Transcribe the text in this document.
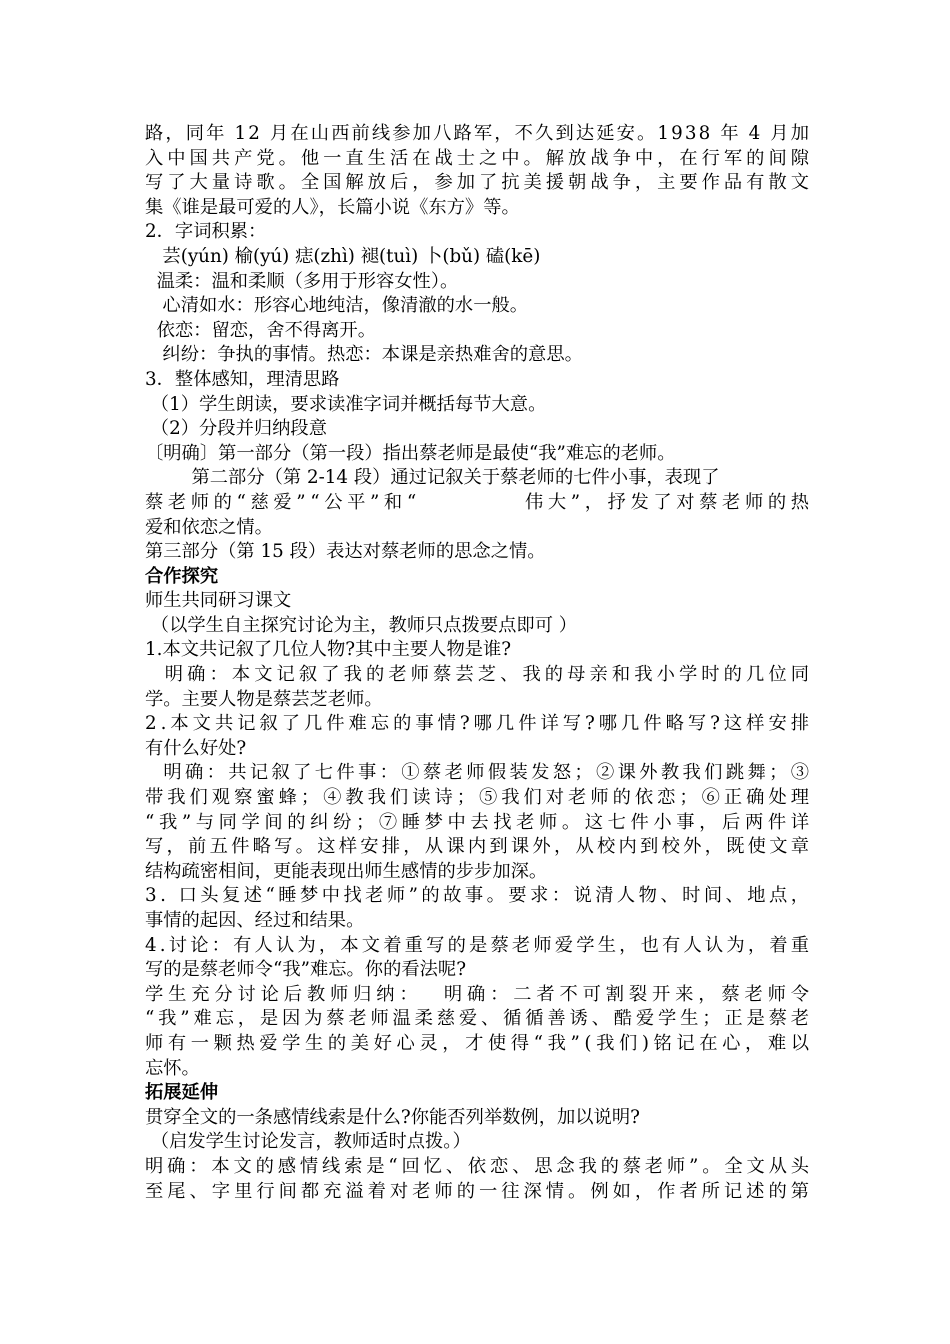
路，同年 12 月在山西前线参加八路军，不久到达延安。1938 年 4 月加
入中国共产党。他一直生活在战士之中。解放战争中，在行军的间隙
写了大量诗歌。全国解放后，参加了抗美援朝战争，主要作品有散文
集《谁是最可爱的人》，长篇小说《东方》等。
2．字词积累：
芸(yún) 榆(yú) 痣(zhì) 褪(tuì) 卜(bǔ) 磕(kē)
温柔：温和柔顺（多用于形容女性）。
心清如水：形容心地纯洁，像清澈的水一般。
依恋：留恋，舍不得离开。
纠纷：争执的事情。热恋：本课是亲热难舍的意思。
3．整体感知，理清思路
（1）学生朗读，要求读准字词并概括每节大意。
（2）分段并归纳段意
〔明确〕第一部分（第一段）指出蔡老师是最使“我”难忘的老师。
第二部分（第 2-14 段）通过记叙关于蔡老师的七件小事，表现了
蔡老师的“慈爱”“公平”和“          伟大”，抒发了对蔡老师的热
爱和依恋之情。
第三部分（第 15 段）表达对蔡老师的思念之情。
合作探究
师生共同研习课文
（以学生自主探究讨论为主，教师只点拨要点即可 ）
1.本文共记叙了几位人物?其中主要人物是谁?
明确：本文记叙了我的老师蔡芸芝、我的母亲和我小学时的几位同
学。主要人物是蔡芸芝老师。
2.本文共记叙了几件难忘的事情?哪几件详写?哪几件略写?这样安排
有什么好处?
明确：共记叙了七件事：①蔡老师假装发怒；②课外教我们跳舞；③
带我们观察蜜蜂；④教我们读诗；⑤我们对老师的依恋；⑥正确处理
“我”与同学间的纠纷；⑦睡梦中去找老师。这七件小事，后两件详
写，前五件略写。这样安排，从课内到课外，从校内到校外，既使文章
结构疏密相间，更能表现出师生感情的步步加深。
3. 口头复述“睡梦中找老师”的故事。要求：说清人物、时间、地点，
事情的起因、经过和结果。
4.讨论：有人认为，本文着重写的是蔡老师爱学生，也有人认为，着重
写的是蔡老师令“我”难忘。你的看法呢?
学生充分讨论后教师归纳：  明确：二者不可割裂开来，蔡老师令
“我”难忘，是因为蔡老师温柔慈爱、循循善诱、酷爱学生；正是蔡老
师有一颗热爱学生的美好心灵，才使得“我”(我们)铭记在心，难以
忘怀。
拓展延伸
贯穿全文的一条感情线索是什么?你能否列举数例，加以说明?
（启发学生讨论发言，教师适时点拨。）
明确：本文的感情线索是“回忆、依恋、思念我的蔡老师”。全文从头
至尾、字里行间都充溢着对老师的一往深情。例如，作者所记述的第
